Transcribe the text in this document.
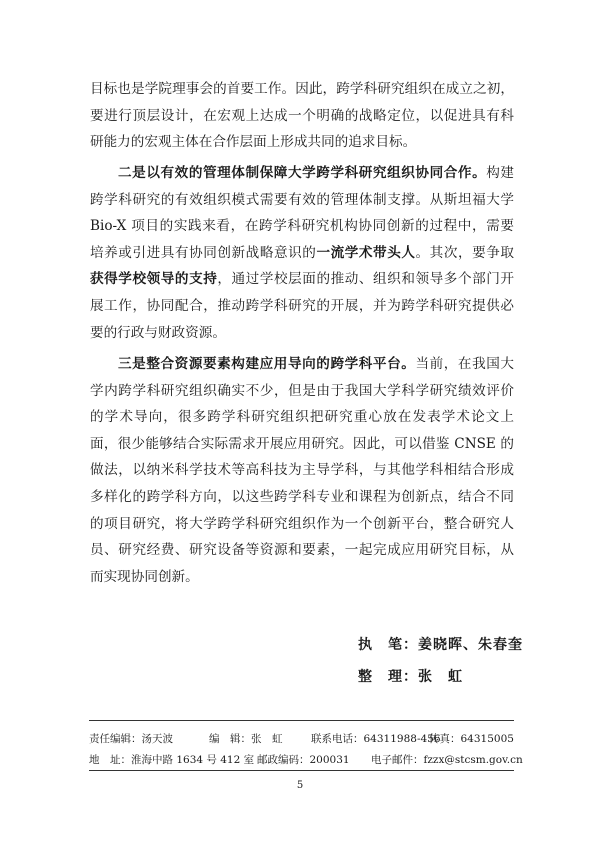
目标也是学院理事会的首要工作。因此，跨学科研究组织在成立之初，
要进行顶层设计，在宏观上达成一个明确的战略定位，以促进具有科
研能力的宏观主体在合作层面上形成共同的追求目标。
二是以有效的管理体制保障大学跨学科研究组织协同合作。构建
跨学科研究的有效组织模式需要有效的管理体制支撑。从斯坦福大学
Bio-X 项目的实践来看，在跨学科研究机构协同创新的过程中，需要
培养或引进具有协同创新战略意识的一流学术带头人。其次，要争取
获得学校领导的支持，通过学校层面的推动、组织和领导多个部门开
展工作，协同配合，推动跨学科研究的开展，并为跨学科研究提供必
要的行政与财政资源。
三是整合资源要素构建应用导向的跨学科平台。当前，在我国大
学内跨学科研究组织确实不少，但是由于我国大学科学研究绩效评价
的学术导向，很多跨学科研究组织把研究重心放在发表学术论文上
面，很少能够结合实际需求开展应用研究。因此，可以借鉴 CNSE 的
做法，以纳米科学技术等高科技为主导学科，与其他学科相结合形成
多样化的跨学科方向，以这些跨学科专业和课程为创新点，结合不同
的项目研究，将大学跨学科研究组织作为一个创新平台，整合研究人
员、研究经费、研究设备等资源和要素，一起完成应用研究目标，从
而实现协同创新。
执　笔：姜晓晖、朱春奎
整　理：张　虹
责任编辑：汤天波	编　辑：张　虹	联系电话：64311988-456
传真：64315005
地　址：淮海中路 1634 号 412 室 邮政编码：200031 电子邮件：fzzx@stcsm.gov.cn
5
